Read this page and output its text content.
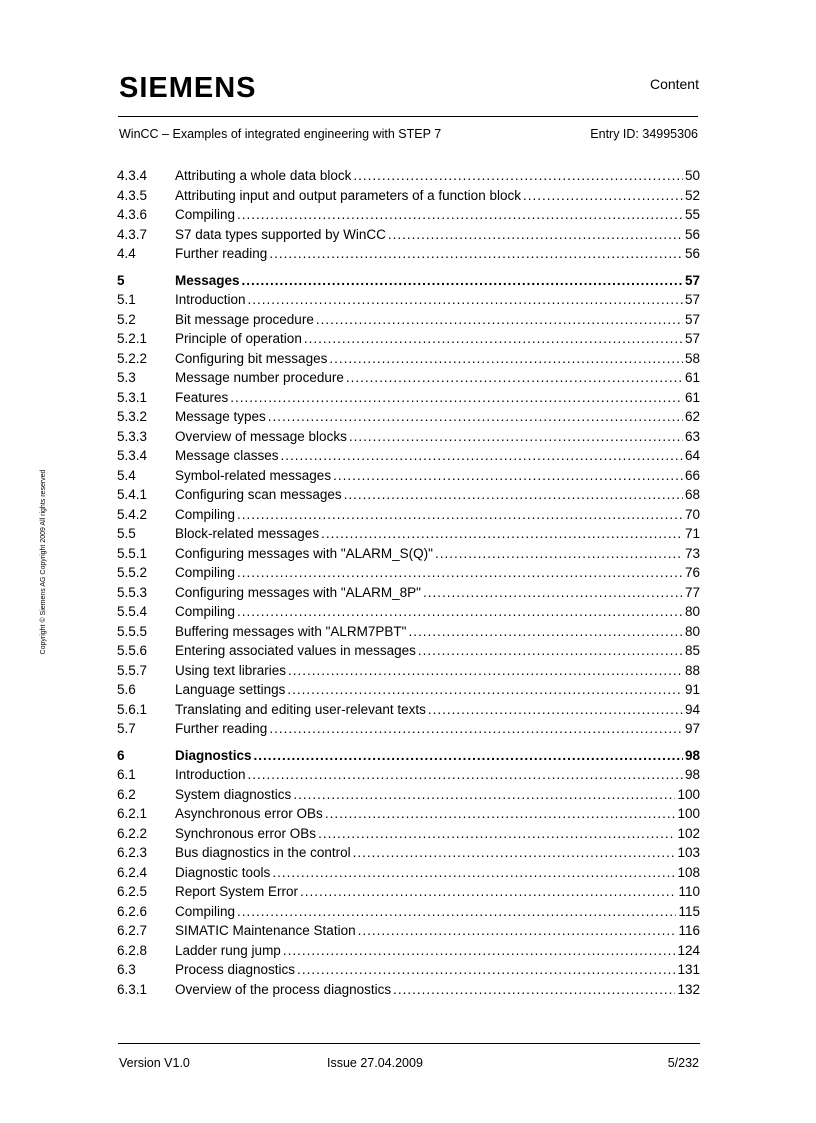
SIEMENS	Content
WinCC – Examples of integrated engineering with STEP 7	Entry ID: 34995306
Copyright © Siemens AG Copyright 2009 All rights reserved
4.3.4	Attributing a whole data block .....	50
4.3.5	Attributing input and output parameters of a function block .....	52
4.3.6	Compiling .....	55
4.3.7	S7 data types supported by WinCC .....	56
4.4	Further reading .....	56
5	Messages .....	57
5.1	Introduction .....	57
5.2	Bit message procedure .....	57
5.2.1	Principle of operation .....	57
5.2.2	Configuring bit messages .....	58
5.3	Message number procedure .....	61
5.3.1	Features .....	61
5.3.2	Message types .....	62
5.3.3	Overview of message blocks .....	63
5.3.4	Message classes .....	64
5.4	Symbol-related messages .....	66
5.4.1	Configuring scan messages .....	68
5.4.2	Compiling .....	70
5.5	Block-related messages .....	71
5.5.1	Configuring messages with "ALARM_S(Q)" .....	73
5.5.2	Compiling .....	76
5.5.3	Configuring messages with "ALARM_8P" .....	77
5.5.4	Compiling .....	80
5.5.5	Buffering messages with "ALRM7PBT" .....	80
5.5.6	Entering associated values in messages .....	85
5.5.7	Using text libraries .....	88
5.6	Language settings .....	91
5.6.1	Translating and editing user-relevant texts .....	94
5.7	Further reading .....	97
6	Diagnostics .....	98
6.1	Introduction .....	98
6.2	System diagnostics .....	100
6.2.1	Asynchronous error OBs .....	100
6.2.2	Synchronous error OBs .....	102
6.2.3	Bus diagnostics in the control .....	103
6.2.4	Diagnostic tools .....	108
6.2.5	Report System Error .....	110
6.2.6	Compiling .....	115
6.2.7	SIMATIC Maintenance Station .....	116
6.2.8	Ladder rung jump .....	124
6.3	Process diagnostics .....	131
6.3.1	Overview of the process diagnostics .....	132
Version V1.0	Issue 27.04.2009	5/232
